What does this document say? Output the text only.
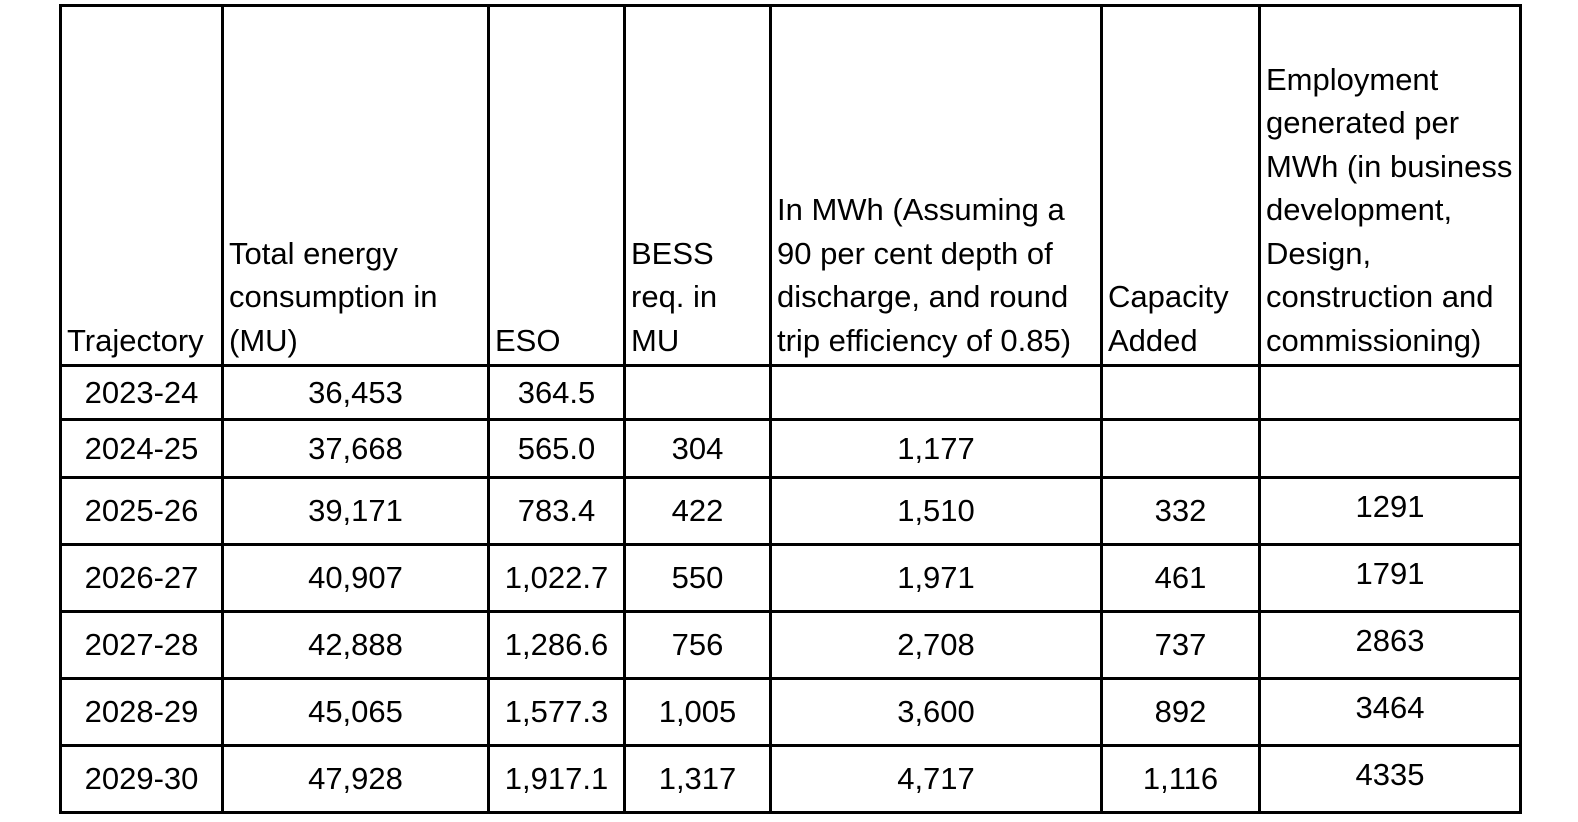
Trajectory	Total energy consumption in (MU)	ESO	BESS req. in MU	In MWh (Assuming a 90 per cent depth of discharge, and round trip efficiency of 0.85)	Capacity Added	Employment generated per MWh (in business development, Design, construction and commissioning)
2023-24	36,453	364.5				
2024-25	37,668	565.0	304	1,177		
2025-26	39,171	783.4	422	1,510	332	1291
2026-27	40,907	1,022.7	550	1,971	461	1791
2027-28	42,888	1,286.6	756	2,708	737	2863
2028-29	45,065	1,577.3	1,005	3,600	892	3464
2029-30	47,928	1,917.1	1,317	4,717	1,116	4335
